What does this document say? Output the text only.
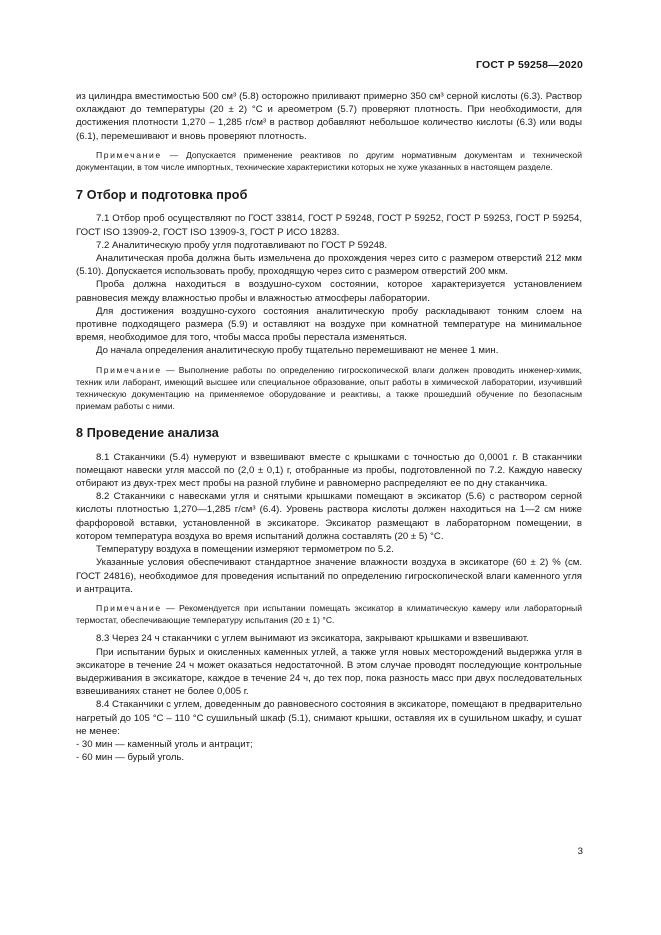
ГОСТ Р 59258—2020

из цилиндра вместимостью 500 см³ (5.8) осторожно приливают примерно 350 см³ серной кислоты (6.3). Раствор охлаждают до температуры (20 ± 2) °С и ареометром (5.7) проверяют плотность. При необходимости, для достижения плотности 1,270 – 1,285 г/см³ в раствор добавляют небольшое количество кислоты (6.3) или воды (6.1), перемешивают и вновь проверяют плотность.

Примечание — Допускается применение реактивов по другим нормативным документам и технической документации, в том числе импортных, технические характеристики которых не хуже указанных в настоящем разделе.

7 Отбор и подготовка проб

7.1 Отбор проб осуществляют по ГОСТ 33814, ГОСТ Р 59248, ГОСТ Р 59252, ГОСТ Р 59253, ГОСТ Р 59254, ГОСТ ISO 13909-2, ГОСТ ISO 13909-3, ГОСТ Р ИСО 18283.

7.2 Аналитическую пробу угля подготавливают по ГОСТ Р 59248.

Аналитическая проба должна быть измельчена до прохождения через сито с размером отверстий 212 мкм (5.10). Допускается использовать пробу, проходящую через сито с размером отверстий 200 мкм.

Проба должна находиться в воздушно-сухом состоянии, которое характеризуется установлением равновесия между влажностью пробы и влажностью атмосферы лаборатории.

Для достижения воздушно-сухого состояния аналитическую пробу раскладывают тонким слоем на противне подходящего размера (5.9) и оставляют на воздухе при комнатной температуре на минимальное время, необходимое для того, чтобы масса пробы перестала изменяться.

До начала определения аналитическую пробу тщательно перемешивают не менее 1 мин.

Примечание — Выполнение работы по определению гигроскопической влаги должен проводить инженер-химик, техник или лаборант, имеющий высшее или специальное образование, опыт работы в химической лаборатории, изучивший техническую документацию на применяемое оборудование и реактивы, а также прошедший обучение по безопасным приемам работы с ними.

8 Проведение анализа

8.1 Стаканчики (5.4) нумеруют и взвешивают вместе с крышками с точностью до 0,0001 г. В стаканчики помещают навески угля массой по (2,0 ± 0,1) г, отобранные из пробы, подготовленной по 7.2. Каждую навеску отбирают из двух-трех мест пробы на разной глубине и равномерно распределяют ее по дну стаканчика.

8.2 Стаканчики с навесками угля и снятыми крышками помещают в эксикатор (5.6) с раствором серной кислоты плотностью 1,270—1,285 г/см³ (6.4). Уровень раствора кислоты должен находиться на 1—2 см ниже фарфоровой вставки, установленной в эксикаторе. Эксикатор размещают в лабораторном помещении, в котором температура воздуха во время испытаний должна составлять (20 ± 5) °С.

Температуру воздуха в помещении измеряют термометром по 5.2.

Указанные условия обеспечивают стандартное значение влажности воздуха в эксикаторе (60 ± 2) % (см. ГОСТ 24816), необходимое для проведения испытаний по определению гигроскопической влаги каменного угля и антрацита.

Примечание — Рекомендуется при испытании помещать эксикатор в климатическую камеру или лабораторный термостат, обеспечивающие температуру испытания (20 ± 1) °С.

8.3 Через 24 ч стаканчики с углем вынимают из эксикатора, закрывают крышками и взвешивают.

При испытании бурых и окисленных каменных углей, а также угля новых месторождений выдержка угля в эксикаторе в течение 24 ч может оказаться недостаточной. В этом случае проводят последующие контрольные выдерживания в эксикаторе, каждое в течение 24 ч, до тех пор, пока разность масс при двух последовательных взвешиваниях станет не более 0,005 г.

8.4 Стаканчики с углем, доведенным до равновесного состояния в эксикаторе, помещают в предварительно нагретый до 105 °С – 110 °С сушильный шкаф (5.1), снимают крышки, оставляя их в сушильном шкафу, и сушат не менее:

- 30 мин — каменный уголь и антрацит;

- 60 мин — бурый уголь.

3
